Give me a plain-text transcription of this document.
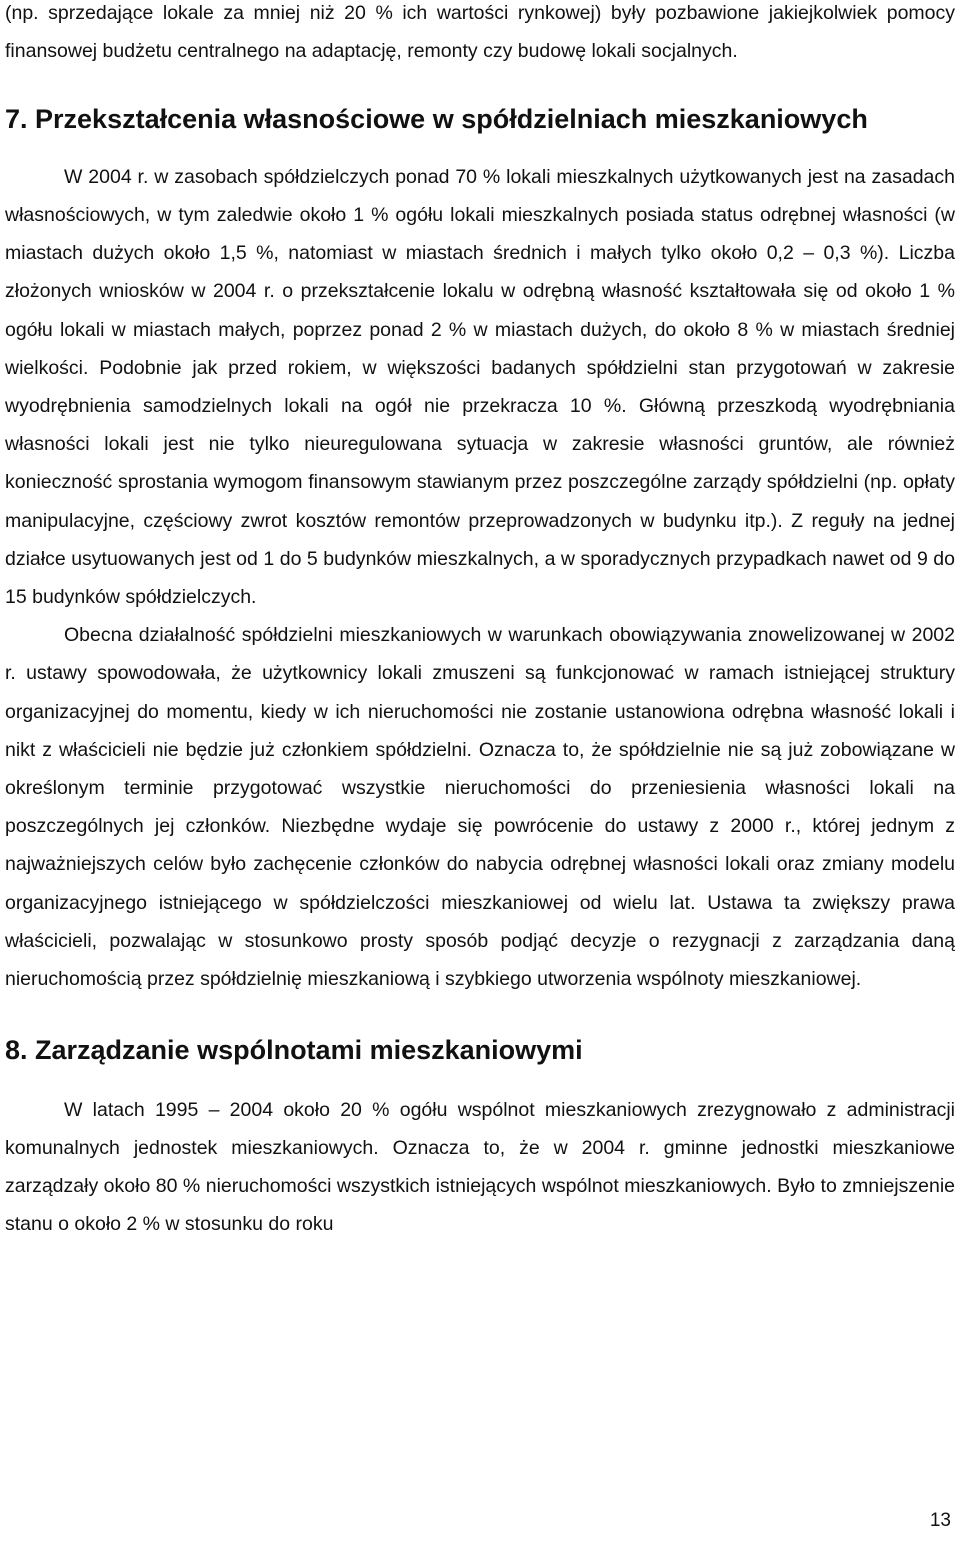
(np. sprzedające lokale za mniej niż 20 % ich wartości rynkowej) były pozbawione jakiejkolwiek pomocy finansowej budżetu centralnego na adaptację, remonty czy budowę lokali socjalnych.

7. Przekształcenia własnościowe w spółdzielniach mieszkaniowych

W 2004 r. w zasobach spółdzielczych ponad 70 % lokali mieszkalnych użytkowanych jest na zasadach własnościowych, w tym zaledwie około 1 % ogółu lokali mieszkalnych posiada status odrębnej własności (w miastach dużych około 1,5 %, natomiast w miastach średnich i małych tylko około 0,2 – 0,3 %). Liczba złożonych wniosków w 2004 r. o przekształcenie lokalu w odrębną własność kształtowała się od około 1 % ogółu lokali w miastach małych, poprzez ponad 2 % w miastach dużych, do około 8 % w miastach średniej wielkości. Podobnie jak przed rokiem, w większości badanych spółdzielni stan przygotowań w zakresie wyodrębnienia samodzielnych lokali na ogół nie przekracza 10 %. Główną przeszkodą wyodrębniania własności lokali jest nie tylko nieuregulowana sytuacja w zakresie własności gruntów, ale również konieczność sprostania wymogom finansowym stawianym przez poszczególne zarządy spółdzielni (np. opłaty manipulacyjne, częściowy zwrot kosztów remontów przeprowadzonych w budynku itp.). Z reguły na jednej działce usytuowanych jest od 1 do 5 budynków mieszkalnych, a w sporadycznych przypadkach nawet od 9 do 15 budynków spółdzielczych.

Obecna działalność spółdzielni mieszkaniowych w warunkach obowiązywania znowelizowanej w 2002 r. ustawy spowodowała, że użytkownicy lokali zmuszeni są funkcjonować w ramach istniejącej struktury organizacyjnej do momentu, kiedy w ich nieruchomości nie zostanie ustanowiona odrębna własność lokali i nikt z właścicieli nie będzie już członkiem spółdzielni. Oznacza to, że spółdzielnie nie są już zobowiązane w określonym terminie przygotować wszystkie nieruchomości do przeniesienia własności lokali na poszczególnych jej członków. Niezbędne wydaje się powrócenie do ustawy z 2000 r., której jednym z najważniejszych celów było zachęcenie członków do nabycia odrębnej własności lokali oraz zmiany modelu organizacyjnego istniejącego w spółdzielczości mieszkaniowej od wielu lat. Ustawa ta zwiększy prawa właścicieli, pozwalając w stosunkowo prosty sposób podjąć decyzje o rezygnacji z zarządzania daną nieruchomością przez spółdzielnię mieszkaniową i szybkiego utworzenia wspólnoty mieszkaniowej.

8. Zarządzanie wspólnotami mieszkaniowymi

W latach 1995 – 2004 około 20 % ogółu wspólnot mieszkaniowych zrezygnowało z administracji komunalnych jednostek mieszkaniowych. Oznacza to, że w 2004 r. gminne jednostki mieszkaniowe zarządzały około 80 % nieruchomości wszystkich istniejących wspólnot mieszkaniowych. Było to zmniejszenie stanu o około 2 % w stosunku do roku

13
